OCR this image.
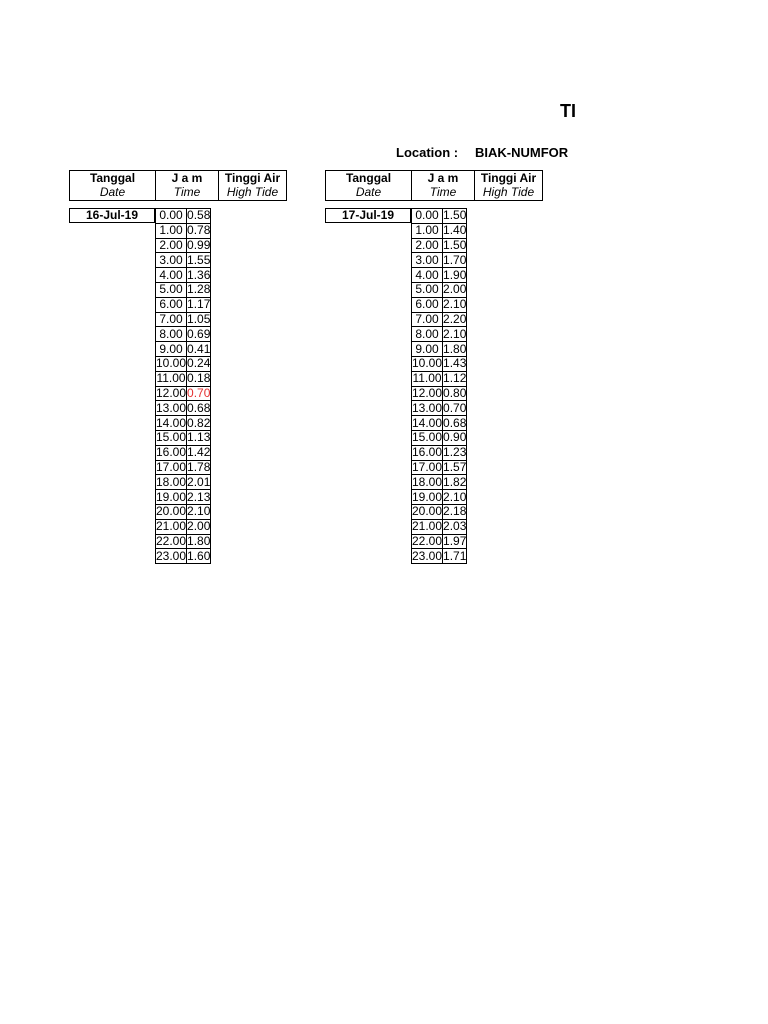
TI
Location : BIAK-NUMFOR
Tanggal
Date
J a m
Time
Tinggi Air
High Tide
16-Jul-19	0.00	0.58
1.00	0.78
2.00	0.99
3.00	1.55
4.00	1.36
5.00	1.28
6.00	1.17
7.00	1.05
8.00	0.69
9.00	0.41
10.00	0.24
11.00	0.18
12.00	0.70
13.00	0.68
14.00	0.82
15.00	1.13
16.00	1.42
17.00	1.78
18.00	2.01
19.00	2.13
20.00	2.10
21.00	2.00
22.00	1.80
23.00	1.60
Tanggal
Date
J a m
Time
Tinggi Air
High Tide
17-Jul-19	0.00	1.50
1.00	1.40
2.00	1.50
3.00	1.70
4.00	1.90
5.00	2.00
6.00	2.10
7.00	2.20
8.00	2.10
9.00	1.80
10.00	1.43
11.00	1.12
12.00	0.80
13.00	0.70
14.00	0.68
15.00	0.90
16.00	1.23
17.00	1.57
18.00	1.82
19.00	2.10
20.00	2.18
21.00	2.03
22.00	1.97
23.00	1.71
